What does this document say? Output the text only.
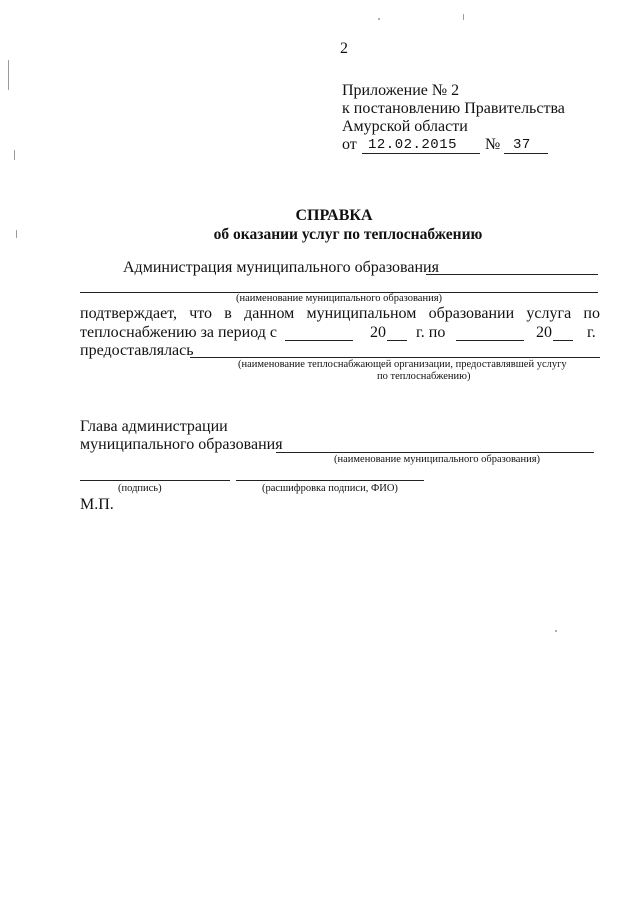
2
Приложение № 2
к постановлению Правительства
Амурской области
от 12.02.2015 № 37
СПРАВКА
об оказании услуг по теплоснабжению
Администрация муниципального образования
(наименование муниципального образования)
подтверждает, что в данном муниципальном образовании услуга по
теплоснабжению за период с	20 г. по	20 г.
предоставлялась
(наименование теплоснабжающей организации, предоставлявшей услугу
по теплоснабжению)
Глава администрации
муниципального образования
(наименование муниципального образования)
(подпись)	(расшифровка подписи, ФИО)
М.П.
